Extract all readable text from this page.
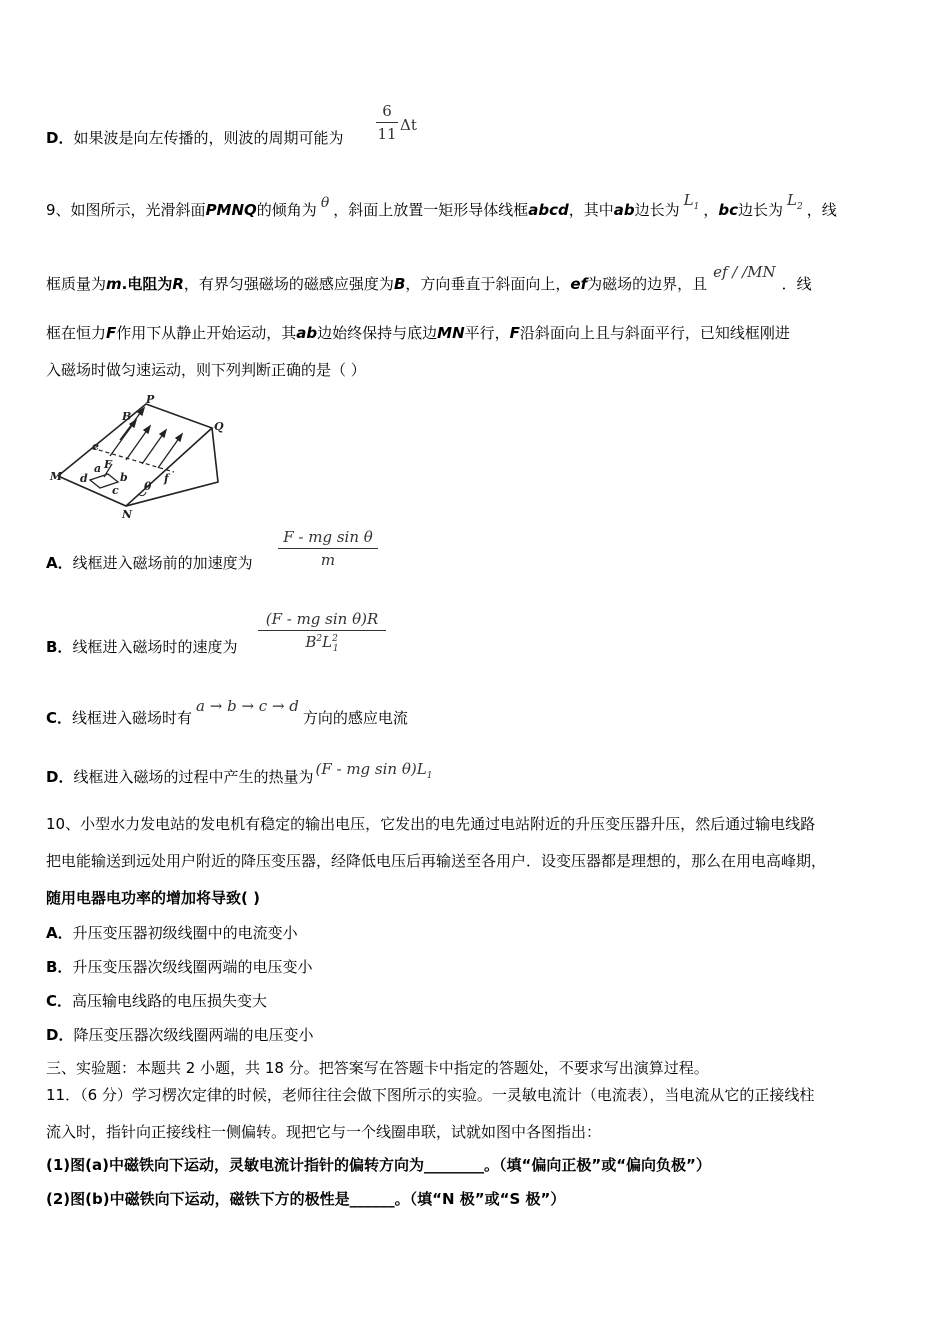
D．如果波是向左传播的，则波的周期可能为
6
11 Δt
9、如图所示，光滑斜面PMNQ的倾角为 θ ，斜面上放置一矩形导体线框abcd，其中ab边长为$L_1$ ，bc边长为$L_2$ ，线
框质量为m.电阻为R，有界匀强磁场的磁感应强度为B，方向垂直于斜面向上，ef为磁场的边界，且ef / /MN．线
框在恒力F作用下从静止开始运动，其ab边始终保持与底边MN平行，F沿斜面向上且与斜面平行，已知线框刚进
入磁场时做匀速运动，则下列判断正确的是（ ）
P
Q
B
e
M
N
a
b
c
d
F
f
θ
A．线框进入磁场前的加速度为
F - mg sin θ
m
B．线框进入磁场时的速度为
(F - mg sin θ)R
$B^2L^2_1$
C．线框进入磁场时有a → b → c → d方向的感应电流
D．线框进入磁场的过程中产生的热量为 (F - mg $\sin \theta)L_1$
10、小型水力发电站的发电机有稳定的输出电压，它发出的电先通过电站附近的升压变压器升压，然后通过输电线路
把电能输送到远处用户附近的降压变压器，经降低电压后再输送至各用户．设变压器都是理想的，那么在用电高峰期，
随用电器电功率的增加将导致( )
A．升压变压器初级线圈中的电流变小
B．升压变压器次级线圈两端的电压变小
C．高压输电线路的电压损失变大
D．降压变压器次级线圈两端的电压变小
三、实验题：本题共 2 小题，共 18 分。把答案写在答题卡中指定的答题处，不要求写出演算过程。
11．（6 分）学习楞次定律的时候，老师往往会做下图所示的实验。一灵敏电流计（电流表），当电流从它的正接线柱
流入时，指针向正接线柱一侧偏转。现把它与一个线圈串联，试就如图中各图指出：
(1)图(a)中磁铁向下运动，灵敏电流计指针的偏转方向为________。（填“偏向正极”或“偏向负极”）
(2)图(b)中磁铁向下运动，磁铁下方的极性是______。（填“N 极”或“S 极”）
